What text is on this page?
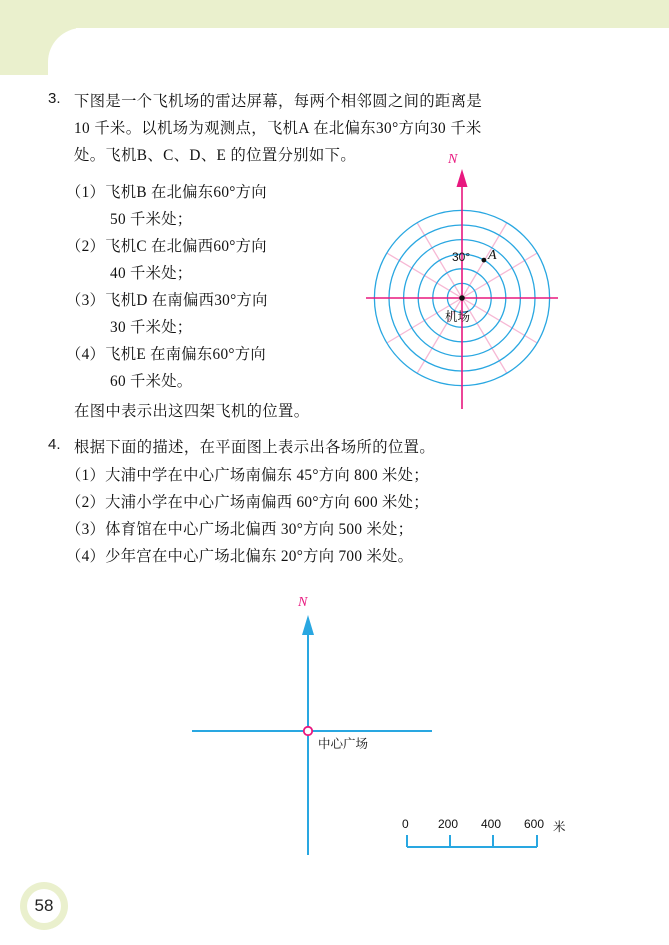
58
3. 下图是一个飞机场的雷达屏幕，每两个相邻圆之间的距离是
10 千米。以机场为观测点，飞机A 在北偏东30°方向30 千米
处。飞机B、C、D、E 的位置分别如下。
（1）飞机B 在北偏东60°方向
50 千米处；
（2）飞机C 在北偏西60°方向
40 千米处；
（3）飞机D 在南偏西30°方向
30 千米处；
（4）飞机E 在南偏东60°方向
60 千米处。
在图中表示出这四架飞机的位置。
N
30° A
机场
4. 根据下面的描述，在平面图上表示出各场所的位置。
（1）大浦中学在中心广场南偏东 45°方向 800 米处；
（2）大浦小学在中心广场南偏西 60°方向 600 米处；
（3）体育馆在中心广场北偏西 30°方向 500 米处；
（4）少年宫在中心广场北偏东 20°方向 700 米处。
N
中心广场
0 200 400 600 米
